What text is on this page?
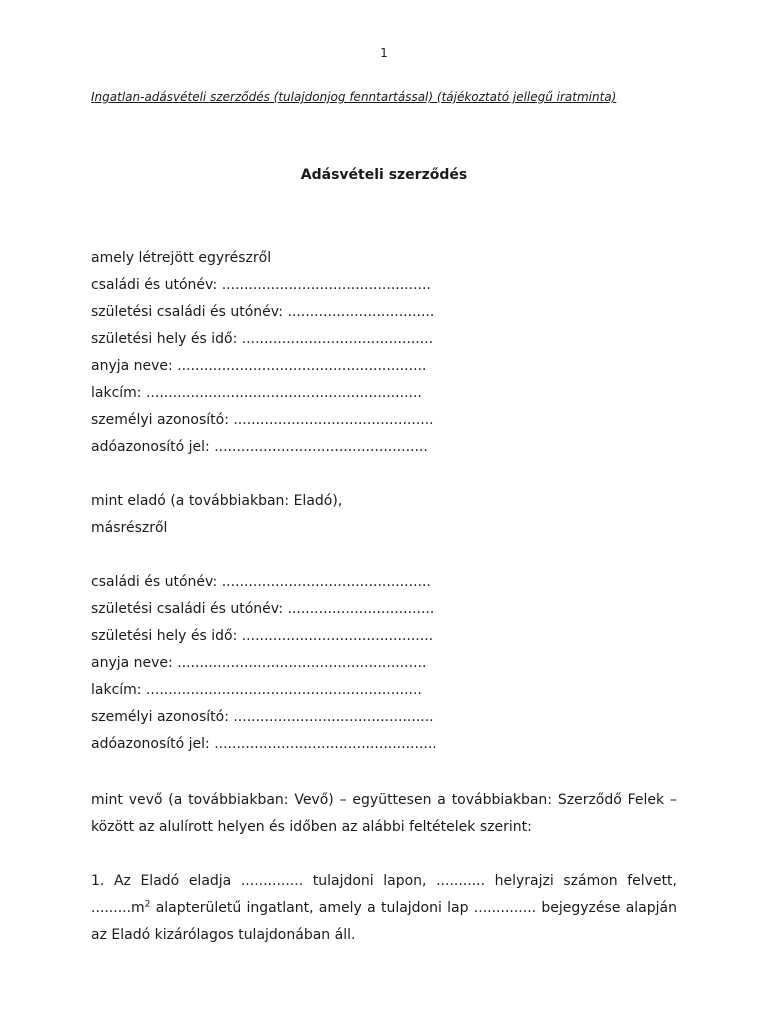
1
Ingatlan-adásvételi szerződés (tulajdonjog fenntartással) (tájékoztató jellegű iratminta)
Adásvételi szerződés
amely létrejött egyrészről
családi és utónév: ...............................................
születési családi és utónév: .................................
születési hely és idő: ...........................................
anyja neve: ........................................................
lakcím: ..............................................................
személyi azonosító: .............................................
adóazonosító jel: ................................................
mint eladó (a továbbiakban: Eladó),
másrészről
családi és utónév: ...............................................
születési családi és utónév: .................................
születési hely és idő: ...........................................
anyja neve: ........................................................
lakcím: ..............................................................
személyi azonosító: .............................................
adóazonosító jel: ..................................................
mint vevő (a továbbiakban: Vevő) – együttesen a továbbiakban: Szerződő Felek – között az alulírott helyen és időben az alábbi feltételek szerint:
1. Az Eladó eladja .............. tulajdoni lapon, ........... helyrajzi számon felvett, $.........m^2$ alapterületű ingatlant, amely a tulajdoni lap .............. bejegyzése alapján az Eladó kizárólagos tulajdonában áll.
